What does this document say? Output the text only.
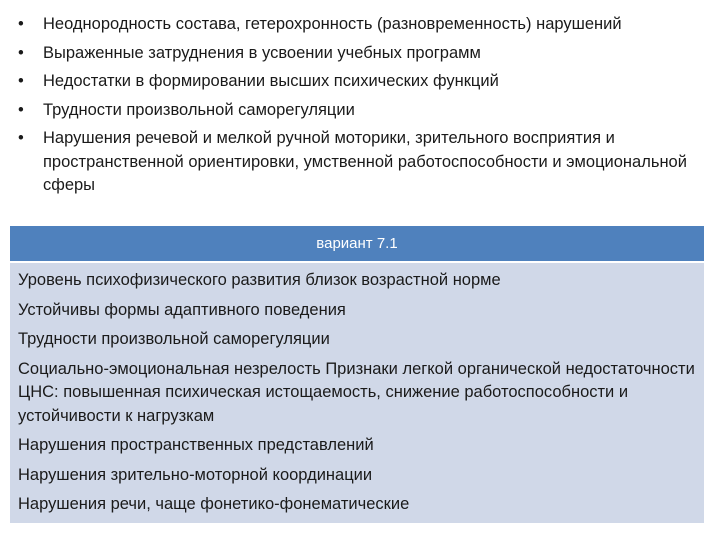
•	Неоднородность состава, гетерохронность (разновременность) нарушений
•	Выраженные затруднения в усвоении учебных программ
•	Недостатки в формировании высших психических функций
•	Трудности произвольной саморегуляции
•	Нарушения речевой и мелкой ручной моторики, зрительного восприятия и пространственной ориентировки, умственной работоспособности и эмоциональной сферы
вариант 7.1

Уровень психофизического развития близок возрастной норме

Устойчивы формы адаптивного поведения

Трудности произвольной саморегуляции

Социально-эмоциональная незрелость Признаки легкой органической недостаточности ЦНС: повышенная психическая истощаемость, снижение работоспособности и устойчивости к нагрузкам

Нарушения пространственных представлений

Нарушения зрительно-моторной координации

Нарушения речи, чаще фонетико-фонематические
